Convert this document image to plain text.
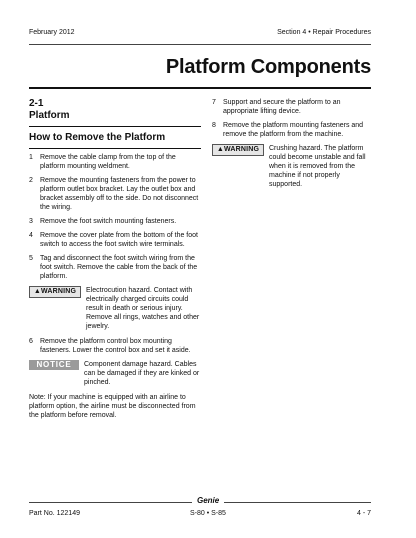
February 2012	Section 4 • Repair Procedures
Platform Components
2-1
Platform
How to Remove the Platform
1	Remove the cable clamp from the top of the platform mounting weldment.
2	Remove the mounting fasteners from the power to platform outlet box bracket. Lay the outlet box and bracket assembly off to the side. Do not disconnect the wiring.
3	Remove the foot switch mounting fasteners.
4	Remove the cover plate from the bottom of the foot switch to access the foot switch wire terminals.
5	Tag and disconnect the foot switch wiring from the foot switch. Remove the cable from the back of the platform.
▲WARNING	Electrocution hazard. Contact with electrically charged circuits could result in death or serious injury. Remove all rings, watches and other jewelry.
6	Remove the platform control box mounting fasteners. Lower the control box and set it aside.
NOTICE	Component damage hazard. Cables can be damaged if they are kinked or pinched.
Note: If your machine is equipped with an airline to platform option, the airline must be disconnected from the platform before removal.
7	Support and secure the platform to an appropriate lifting device.
8	Remove the platform mounting fasteners and remove the platform from the machine.
▲WARNING	Crushing hazard. The platform could become unstable and fall when it is removed from the machine if not properly supported.
Genie
Part No. 122149	S-80 • S-85	4 - 7
